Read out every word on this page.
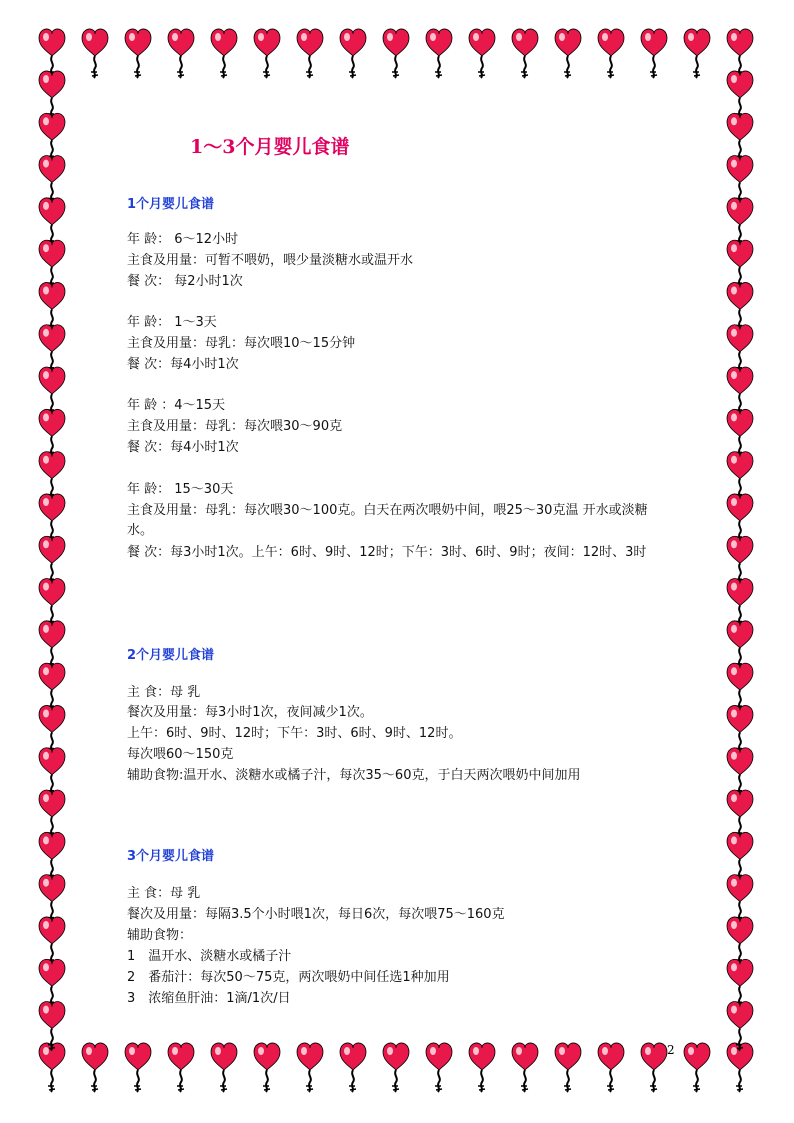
1～3个月婴儿食谱
1个月婴儿食谱
年 龄： 6～12小时
主食及用量：可暂不喂奶，喂少量淡糖水或温开水
餐 次： 每2小时1次
年 龄： 1～3天
主食及用量：母乳：每次喂10～15分钟
餐 次：每4小时1次
年 龄 ：4～15天
主食及用量：母乳：每次喂30～90克
餐 次：每4小时1次
年 龄： 15～30天
主食及用量：母乳：每次喂30～100克。白天在两次喂奶中间，喂25～30克温 开水或淡糖水。
餐 次：每3小时1次。上午：6时、9时、12时；下午：3时、6时、9时；夜间：12时、3时
2个月婴儿食谱
主 食：母 乳
餐次及用量：每3小时1次，夜间减少1次。
上午：6时、9时、12时；下午：3时、6时、9时、12时。
每次喂60～150克
辅助食物:温开水、淡糖水或橘子汁，每次35～60克，于白天两次喂奶中间加用
3个月婴儿食谱
主 食：母 乳
餐次及用量：每隔3.5个小时喂1次，每日6次，每次喂75～160克
辅助食物：
1　温开水、淡糖水或橘子汁
2　番茄汁：每次50～75克，两次喂奶中间任选1种加用
3　浓缩鱼肝油：1滴/1次/日
2
